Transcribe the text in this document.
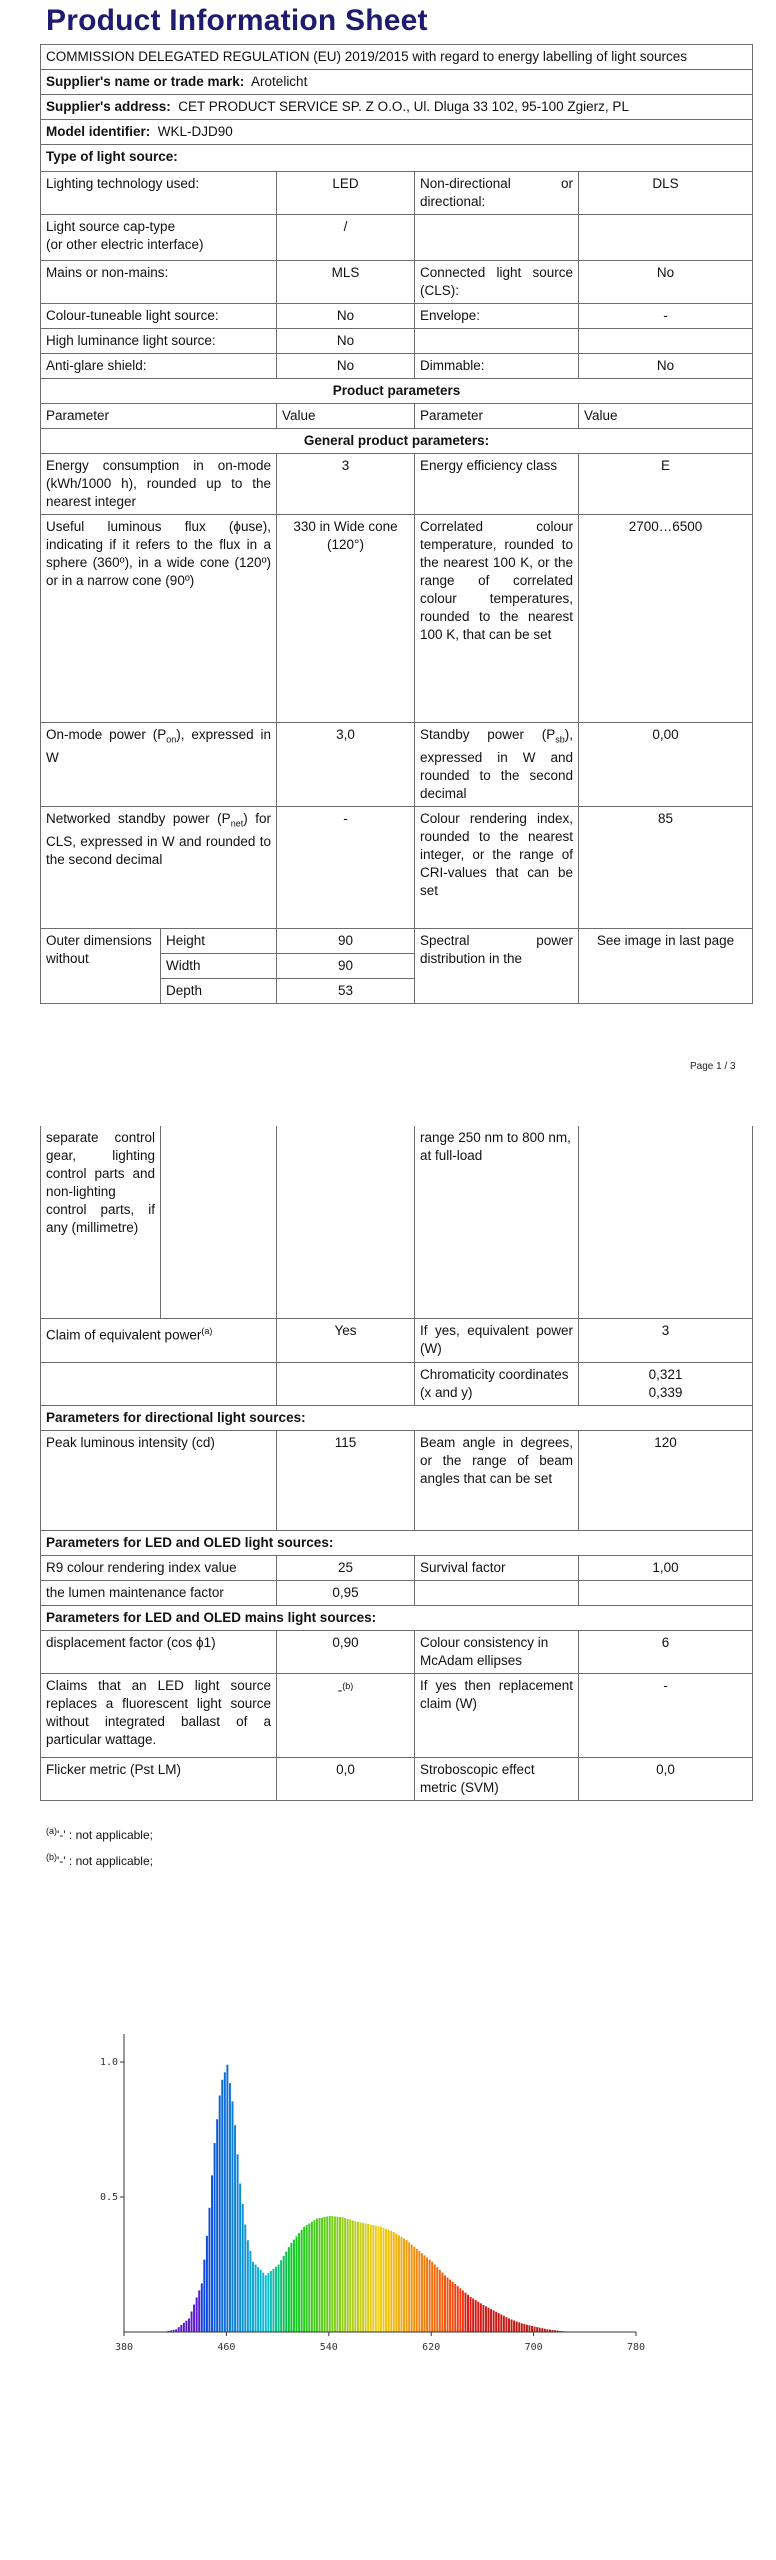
Product Information Sheet
COMMISSION DELEGATED REGULATION (EU) 2019/2015 with regard to energy labelling of light sources				
Supplier's name or trade mark: Arotelicht				
Supplier's address: CET PRODUCT SERVICE SP. Z O.O., Ul. Dluga 33 102, 95-100 Zgierz, PL				
Model identifier: WKL-DJD90				
Type of light source:				
Lighting technology used:		LED	Non-directional or directional:	DLS
Light source cap-type
(or other electric interface)		/		
Mains or non-mains:		MLS	Connected light source (CLS):	No
Colour-tuneable light source:		No	Envelope:	-
High luminance light source:		No		
Anti-glare shield:		No	Dimmable:	No
Product parameters				
Parameter		Value	Parameter	Value
General product parameters:				
Energy consumption in on-mode (kWh/1000 h), rounded up to the nearest integer		3	Energy efficiency class	E
Useful luminous flux (ϕuse), indicating if it refers to the flux in a sphere (360º), in a wide cone (120º) or in a narrow cone (90º)		330 in Wide cone (120°)	Correlated colour temperature, rounded to the nearest 100 K, or the range of correlated colour temperatures, rounded to the nearest 100 K, that can be set	2700…6500
On-mode power $(P_{on})$, expressed in W		3,0	Standby power $(P_{sb})$, expressed in W and rounded to the second decimal	0,00
Networked standby power $(P_{net})$ for CLS, expressed in W and rounded to the second decimal		-	Colour rendering index, rounded to the nearest integer, or the range of CRI-values that can be set	85
Outer dimensions without	Height	90	Spectral power distribution in the	See image in last page
	Width	90		
	Depth	53		
Page 1 / 3
separate control gear, lighting control parts and non-lighting control parts, if any (millimetre)			range 250 nm to 800 nm, at full-load	
Claim of equivalent power$^{(a)}$		Yes	If yes, equivalent power (W)	3
			Chromaticity coordinates (x and y)	0,321
0,339
Parameters for directional light sources:				
Peak luminous intensity (cd)		115	Beam angle in degrees, or the range of beam angles that can be set	120
Parameters for LED and OLED light sources:				
R9 colour rendering index value		25	Survival factor	1,00
the lumen maintenance factor		0,95		
Parameters for LED and OLED mains light sources:				
displacement factor (cos ϕ1)		0,90	Colour consistency in McAdam ellipses	6
Claims that an LED light source replaces a fluorescent light source without integrated ballast of a particular wattage.		-$^{(b)}$	If yes then replacement claim (W)	-
Flicker metric (Pst LM)		0,0	Stroboscopic effect metric (SVM)	0,0
$^{(a)}$'-' : not applicable;
$^{(b)}$'-' : not applicable;
380	460	540	620	700	780
1.0
0.5
